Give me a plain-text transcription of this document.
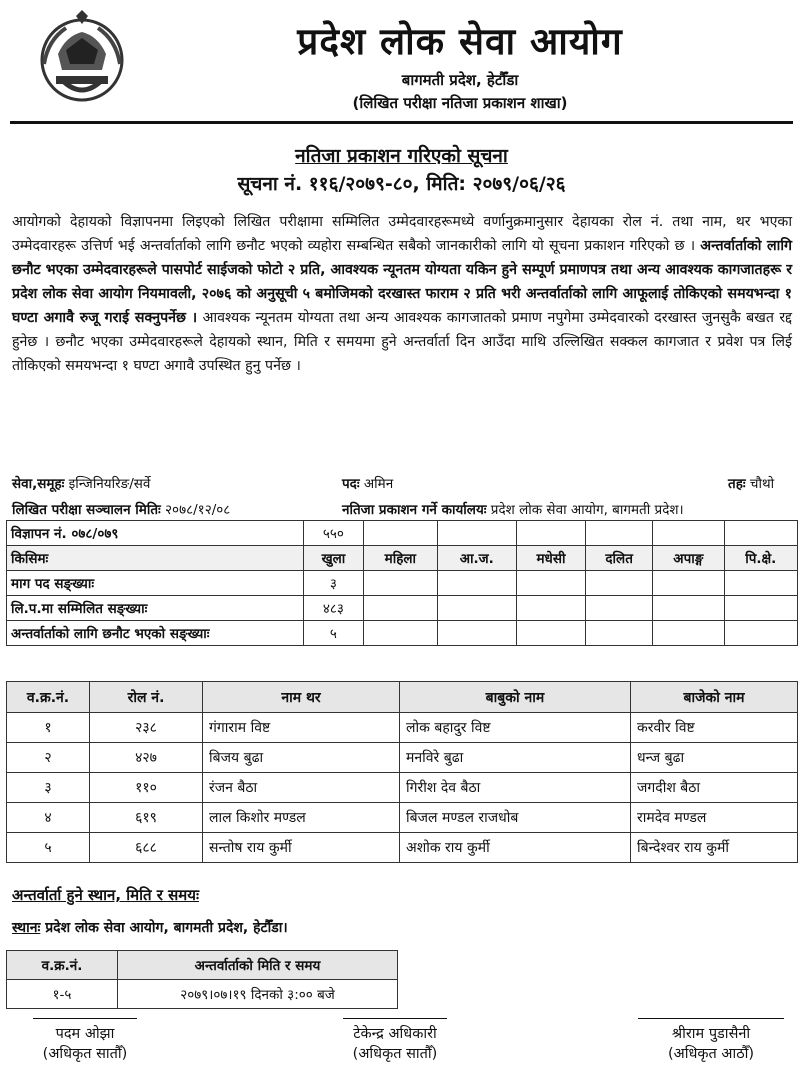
प्रदेश लोक सेवा आयोग
बागमती प्रदेश, हेटौँडा
(लिखित परीक्षा नतिजा प्रकाशन शाखा)
नतिजा प्रकाशन गरिएको सूचना
सूचना नं. ११६/२०७९-८०, मिति: २०७९/०६/२६
आयोगको देहायको विज्ञापनमा लिइएको लिखित परीक्षामा सम्मिलित उम्मेदवारहरूमध्ये वर्णानुक्रमानुसार देहायका रोल नं. तथा नाम, थर भएका उम्मेदवारहरू उत्तिर्ण भई अन्तर्वार्ताको लागि छनौट भएको व्यहोरा सम्बन्धित सबैको जानकारीको लागि यो सूचना प्रकाशन गरिएको छ । अन्तर्वार्ताको लागि छनौट भएका उम्मेदवारहरूले पासपोर्ट साईजको फोटो २ प्रति, आवश्यक न्यूनतम योग्यता यकिन हुने सम्पूर्ण प्रमाणपत्र तथा अन्य आवश्यक कागजातहरू र प्रदेश लोक सेवा आयोग नियमावली, २०७६ को अनुसूची ५ बमोजिमको दरखास्त फाराम २ प्रति भरी अन्तर्वार्ताको लागि आफूलाई तोकिएको समयभन्दा १ घण्टा अगावै रुजू गराई सक्नुपर्नेछ । आवश्यक न्यूनतम योग्यता तथा अन्य आवश्यक कागजातको प्रमाण नपुगेमा उम्मेदवारको दरखास्त जुनसुकै बखत रद्द हुनेछ । छनौट भएका उम्मेदवारहरूले देहायको स्थान, मिति र समयमा हुने अन्तर्वार्ता दिन आउँदा माथि उल्लिखित सक्कल कागजात र प्रवेश पत्र लिई तोकिएको समयभन्दा १ घण्टा अगावै उपस्थित हुनु पर्नेछ ।
सेवा,समूहः इन्जिनियरिङ/सर्वे	पदः अमिन	तहः चौथो
लिखित परीक्षा सञ्चालन मितिः २०७८/१२/०८	नतिजा प्रकाशन गर्ने कार्यालयः प्रदेश लोक सेवा आयोग, बागमती प्रदेश।
विज्ञापन नं. ०७८/०७९	५५०						
किसिमः	खुला	महिला	आ.ज.	मधेसी	दलित	अपाङ्ग	पि.क्षे.
माग पद सङ्ख्याः	३						
लि.प.मा सम्मिलित सङ्ख्याः	४८३						
अन्तर्वार्ताको लागि छनौट भएको सङ्ख्याः	५						
व.क्र.नं.	रोल नं.	नाम थर	बाबुको नाम	बाजेको नाम
१	२३८	गंगाराम विष्ट	लोक बहादुर विष्ट	करवीर विष्ट
२	४२७	बिजय बुढा	मनविरे बुढा	धन्ज बुढा
३	११०	रंजन बैठा	गिरीश देव बैठा	जगदीश बैठा
४	६१९	लाल किशोर मण्डल	बिजल मण्डल राजधोब	रामदेव मण्डल
५	६८८	सन्तोष राय कुर्मी	अशोक राय कुर्मी	बिन्देश्वर राय कुर्मी
अन्तर्वार्ता हुने स्थान, मिति र समयः
स्थानः प्रदेश लोक सेवा आयोग, बागमती प्रदेश, हेटौँडा।
व.क्र.नं.	अन्तर्वार्ताको मिति र समय
१-५	२०७९।०७।१९ दिनको ३:०० बजे
पदम ओझा
(अधिकृत सातौँ)
टेकेन्द्र अधिकारी
(अधिकृत सातौँ)
श्रीराम पुडासैनी
(अधिकृत आठौँ)
